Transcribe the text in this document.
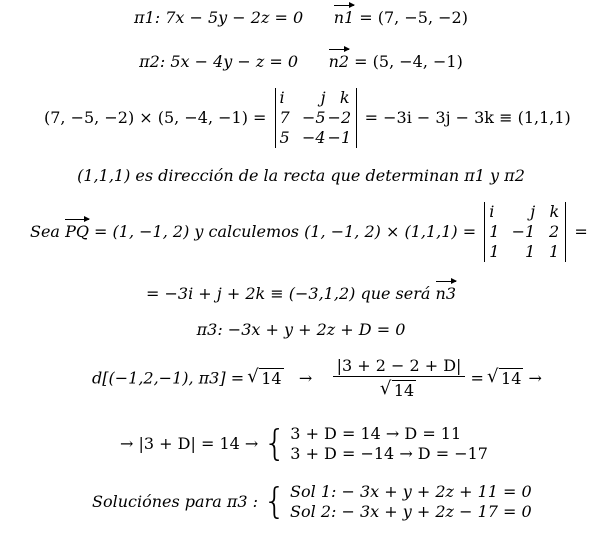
π1: 7x − 5y − 2z = 0 n1 = (7, −5, −2)
π2: 5x − 4y − z = 0 n2 = (5, −4, −1)
(7, −5, −2) × (5, −4, −1) =
i	j k
7 −5 −2
5 −4 −1
= −3i − 3j − 3k ≡ (1,1,1)
(1,1,1) es dirección de la recta que determinan π1 y π2
Sea PQ = (1, −1, 2) y calculemos (1, −1, 2) × (1,1,1) =
i	j k
1 −1 2
1	1 1
=
= −3i + j + 2k ≡ (−3,1,2) que será n3
π3: −3x + y + 2z + D = 0
d[(−1,2,−1), π3] = √ 14 → |3 + 2 − 2 + D|
√ 14 = √ 14 →
→ |3 + D| = 14 → { 3 + D = 14 → D = 11
3 + D = −14 → D = −17
Soluciónes para π3 : { Sol 1: − 3x + y + 2z + 11 = 0
Sol 2: − 3x + y + 2z − 17 = 0
